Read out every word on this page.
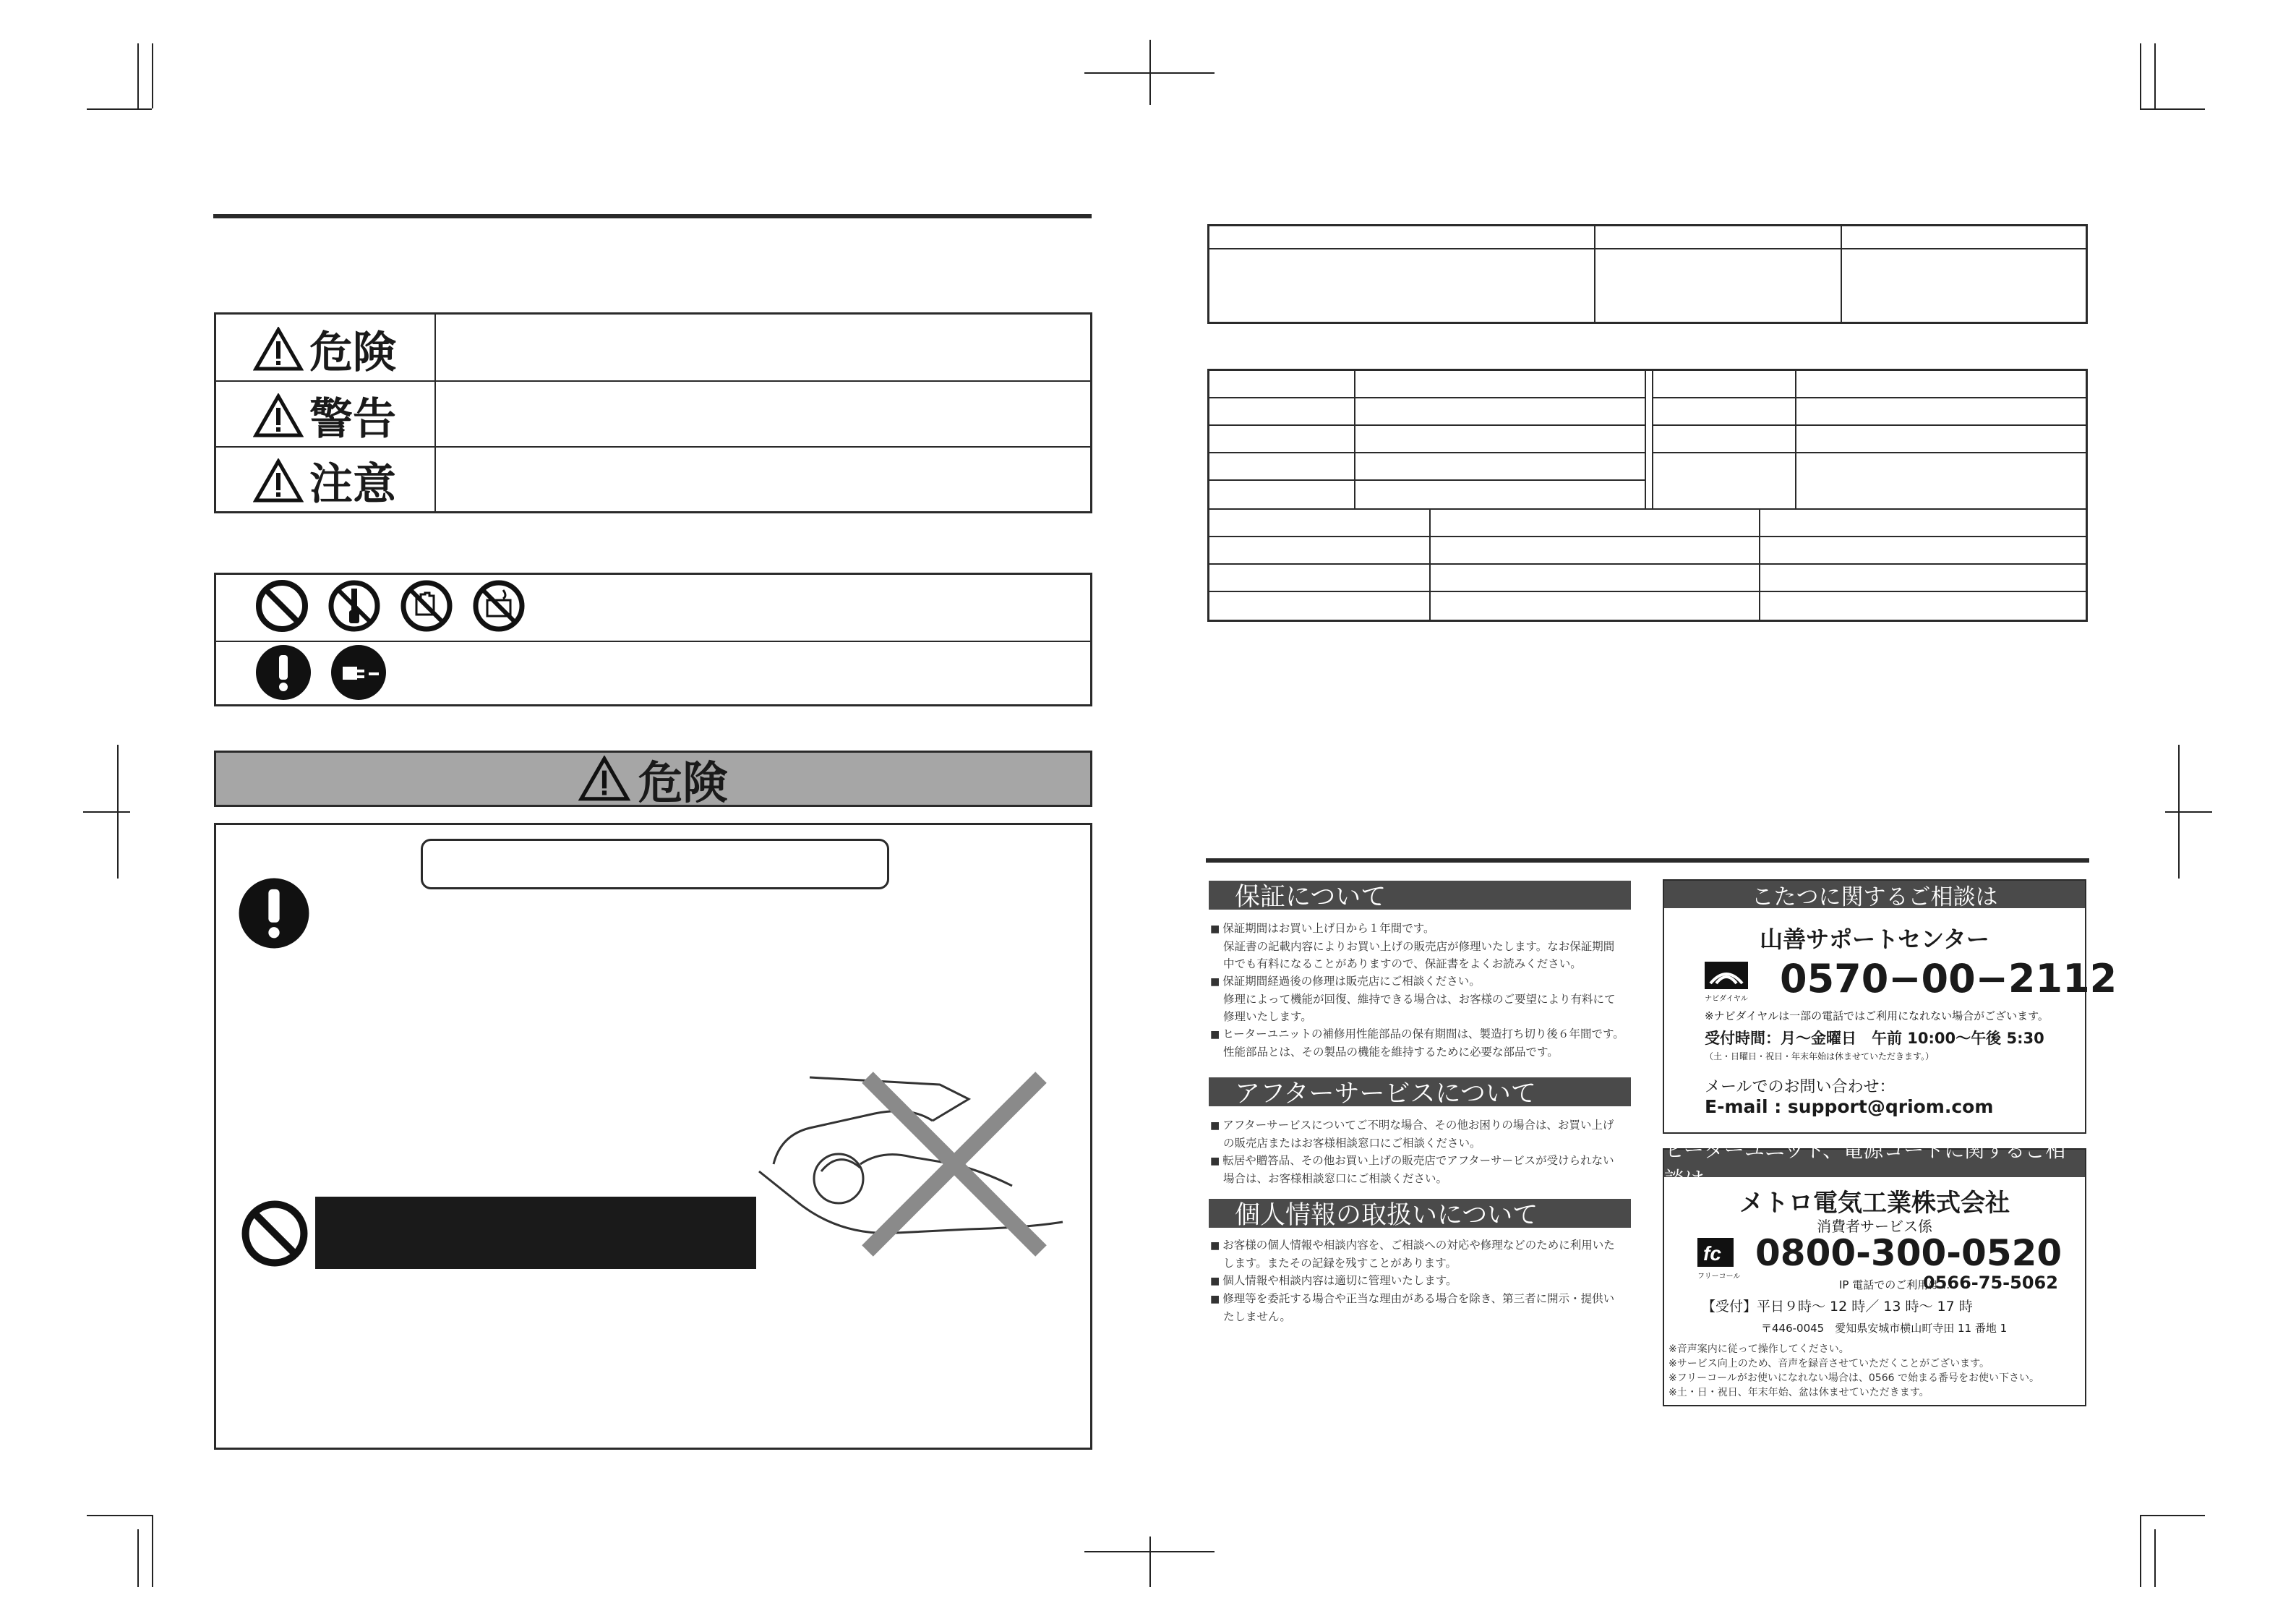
危険
警告
注意
危険
保証について

■ 保証期間はお買い上げ日から１年間です。

保証書の記載内容によりお買い上げの販売店が修理いたします。なお保証期間

中でも有料になることがありますので、保証書をよくお読みください。

■ 保証期間経過後の修理は販売店にご相談ください。

修理によって機能が回復、維持できる場合は、お客様のご要望により有料にて

修理いたします。

■ ヒーターユニットの補修用性能部品の保有期間は、製造打ち切り後６年間です。

性能部品とは、その製品の機能を維持するために必要な部品です。

アフターサービスについて

■ アフターサービスについてご不明な場合、その他お困りの場合は、お買い上げ

の販売店またはお客様相談窓口にご相談ください。

■ 転居や贈答品、その他お買い上げの販売店でアフターサービスが受けられない

場合は、お客様相談窓口にご相談ください。

個人情報の取扱いについて

■ お客様の個人情報や相談内容を、ご相談への対応や修理などのために利用いた

します。またその記録を残すことがあります。

■ 個人情報や相談内容は適切に管理いたします。

■ 修理等を委託する場合や正当な理由がある場合を除き、第三者に開示・提供い

たしません。

こたつに関するご相談は
山善サポートセンター
ナビダイヤル 0570−00−2112
※ナビダイヤルは一部の電話ではご利用になれない場合がございます。
受付時間：月〜金曜日　午前 10:00〜午後 5:30
（土・日曜日・祝日・年末年始は休ませていただきます。）
メールでのお問い合わせ：
E-mail : support@qriom.com
ヒーターユニット、電源コードに関するご相談は
メトロ電気工業株式会社
消費者サービス係
fc
フリーコール
0800-300-0520
IP 電話でのご利用は…
0566-75-5062
【受付】平日９時〜 12 時／ 13 時〜 17 時
〒446-0045　愛知県安城市横山町寺田 11 番地 1

※音声案内に従って操作してください。

※サービス向上のため、音声を録音させていただくことがございます。

※フリーコールがお使いになれない場合は、0566 で始まる番号をお使い下さい。

※土・日・祝日、年末年始、盆は休ませていただきます。
